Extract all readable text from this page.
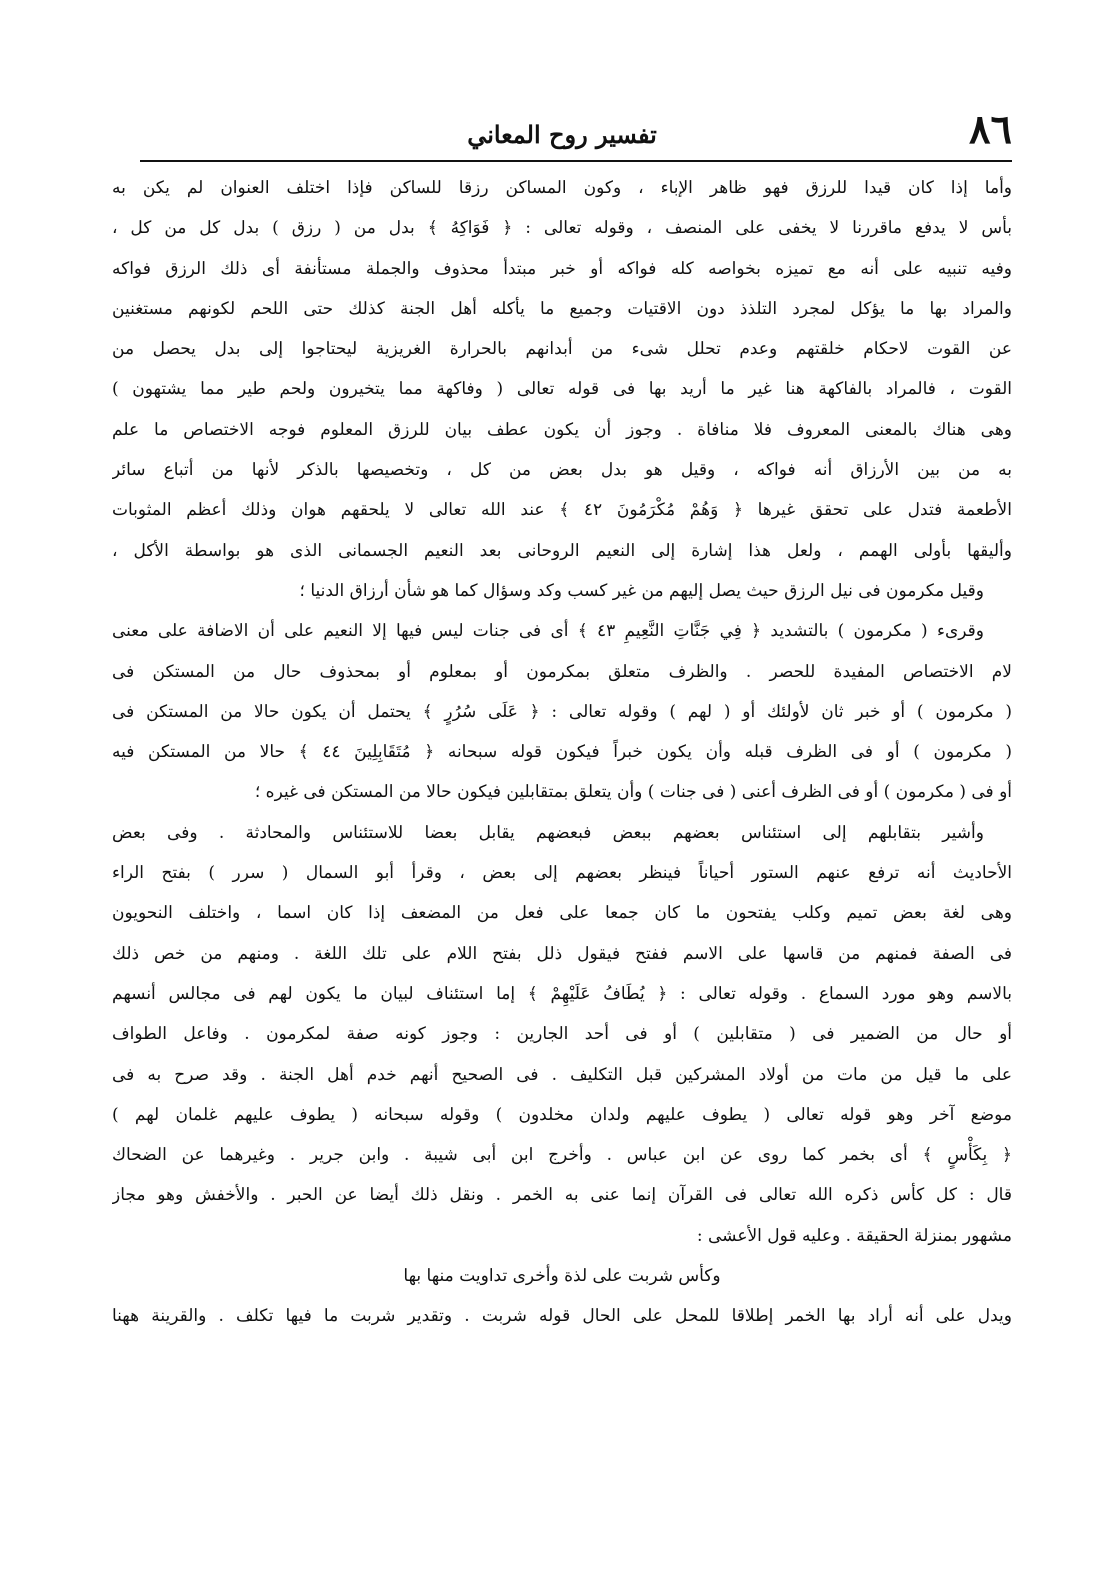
٨٦
تفسير روح المعاني
وأما إذا كان قيدا للرزق فهو ظاهر الإباء ، وكون المساكن رزقا للساكن فإذا اختلف العنوان لم يكن به
بأس لا يدفع ماقررنا لا يخفى على المنصف ، وقوله تعالى : ﴿ فَوَاكِهُ ﴾ بدل من ( رزق ) بدل كل من كل ،
وفيه تنبيه على أنه مع تميزه بخواصه كله فواكه أو خبر مبتدأ محذوف والجملة مستأنفة أى ذلك الرزق فواكه
والمراد بها ما يؤكل لمجرد التلذذ دون الاقتيات وجميع ما يأكله أهل الجنة كذلك حتى اللحم لكونهم مستغنين
عن القوت لاحكام خلقتهم وعدم تحلل شىء من أبدانهم بالحرارة الغريزية ليحتاجوا إلى بدل يحصل من
القوت ، فالمراد بالفاكهة هنا غير ما أريد بها فى قوله تعالى ( وفاكهة مما يتخيرون ولحم طير مما يشتهون )
وهى هناك بالمعنى المعروف فلا منافاة . وجوز أن يكون عطف بيان للرزق المعلوم فوجه الاختصاص ما علم
به من بين الأرزاق أنه فواكه ، وقيل هو بدل بعض من كل ، وتخصيصها بالذكر لأنها من أتباع سائر
الأطعمة فتدل على تحقق غيرها ﴿ وَهُمْ مُكْرَمُونَ ٤٢ ﴾ عند الله تعالى لا يلحقهم هوان وذلك أعظم المثوبات
وأليقها بأولى الهمم ، ولعل هذا إشارة إلى النعيم الروحانى بعد النعيم الجسمانى الذى هو بواسطة الأكل ،
وقيل مكرمون فى نيل الرزق حيث يصل إليهم من غير كسب وكد وسؤال كما هو شأن أرزاق الدنيا ؛
وقرىء ( مكرمون ) بالتشديد ﴿ فِي جَنَّاتِ النَّعِيمِ ٤٣ ﴾ أى فى جنات ليس فيها إلا النعيم على أن الاضافة على معنى
لام الاختصاص المفيدة للحصر . والظرف متعلق بمكرمون أو بمعلوم أو بمحذوف حال من المستكن فى
( مكرمون ) أو خبر ثان لأولئك أو ( لهم ) وقوله تعالى : ﴿ عَلَى سُرُرٍ ﴾ يحتمل أن يكون حالا من المستكن فى
( مكرمون ) أو فى الظرف قبله وأن يكون خبراً فيكون قوله سبحانه ﴿ مُتَقَابِلِينَ ٤٤ ﴾ حالا من المستكن فيه
أو فى ( مكرمون ) أو فى الظرف أعنى ( فى جنات ) وأن يتعلق بمتقابلين فيكون حالا من المستكن فى غيره ؛
وأشير بتقابلهم إلى استئناس بعضهم ببعض فبعضهم يقابل بعضا للاستئناس والمحادثة . وفى بعض
الأحاديث أنه ترفع عنهم الستور أحياناً فينظر بعضهم إلى بعض ، وقرأ أبو السمال ( سرر ) بفتح الراء
وهى لغة بعض تميم وكلب يفتحون ما كان جمعا على فعل من المضعف إذا كان اسما ، واختلف النحويون
فى الصفة فمنهم من قاسها على الاسم ففتح فيقول ذلل بفتح اللام على تلك اللغة . ومنهم من خص ذلك
بالاسم وهو مورد السماع . وقوله تعالى : ﴿ يُطَافُ عَلَيْهِمْ ﴾ إما استئناف لبيان ما يكون لهم فى مجالس أنسهم
أو حال من الضمير فى ( متقابلين ) أو فى أحد الجارين : وجوز كونه صفة لمكرمون . وفاعل الطواف
على ما قيل من مات من أولاد المشركين قبل التكليف . فى الصحيح أنهم خدم أهل الجنة . وقد صرح به فى
موضع آخر وهو قوله تعالى ( يطوف عليهم ولدان مخلدون ) وقوله سبحانه ( يطوف عليهم غلمان لهم )
﴿ بِكَأْسٍ ﴾ أى بخمر كما روى عن ابن عباس . وأخرج ابن أبى شيبة . وابن جرير . وغيرهما عن الضحاك
قال : كل كأس ذكره الله تعالى فى القرآن إنما عنى به الخمر . ونقل ذلك أيضا عن الحبر . والأخفش وهو مجاز
مشهور بمنزلة الحقيقة . وعليه قول الأعشى :
وكأس شربت على لذة وأخرى تداويت منها بها
ويدل على أنه أراد بها الخمر إطلاقا للمحل على الحال قوله شربت . وتقدير شربت ما فيها تكلف . والقرينة ههنا
